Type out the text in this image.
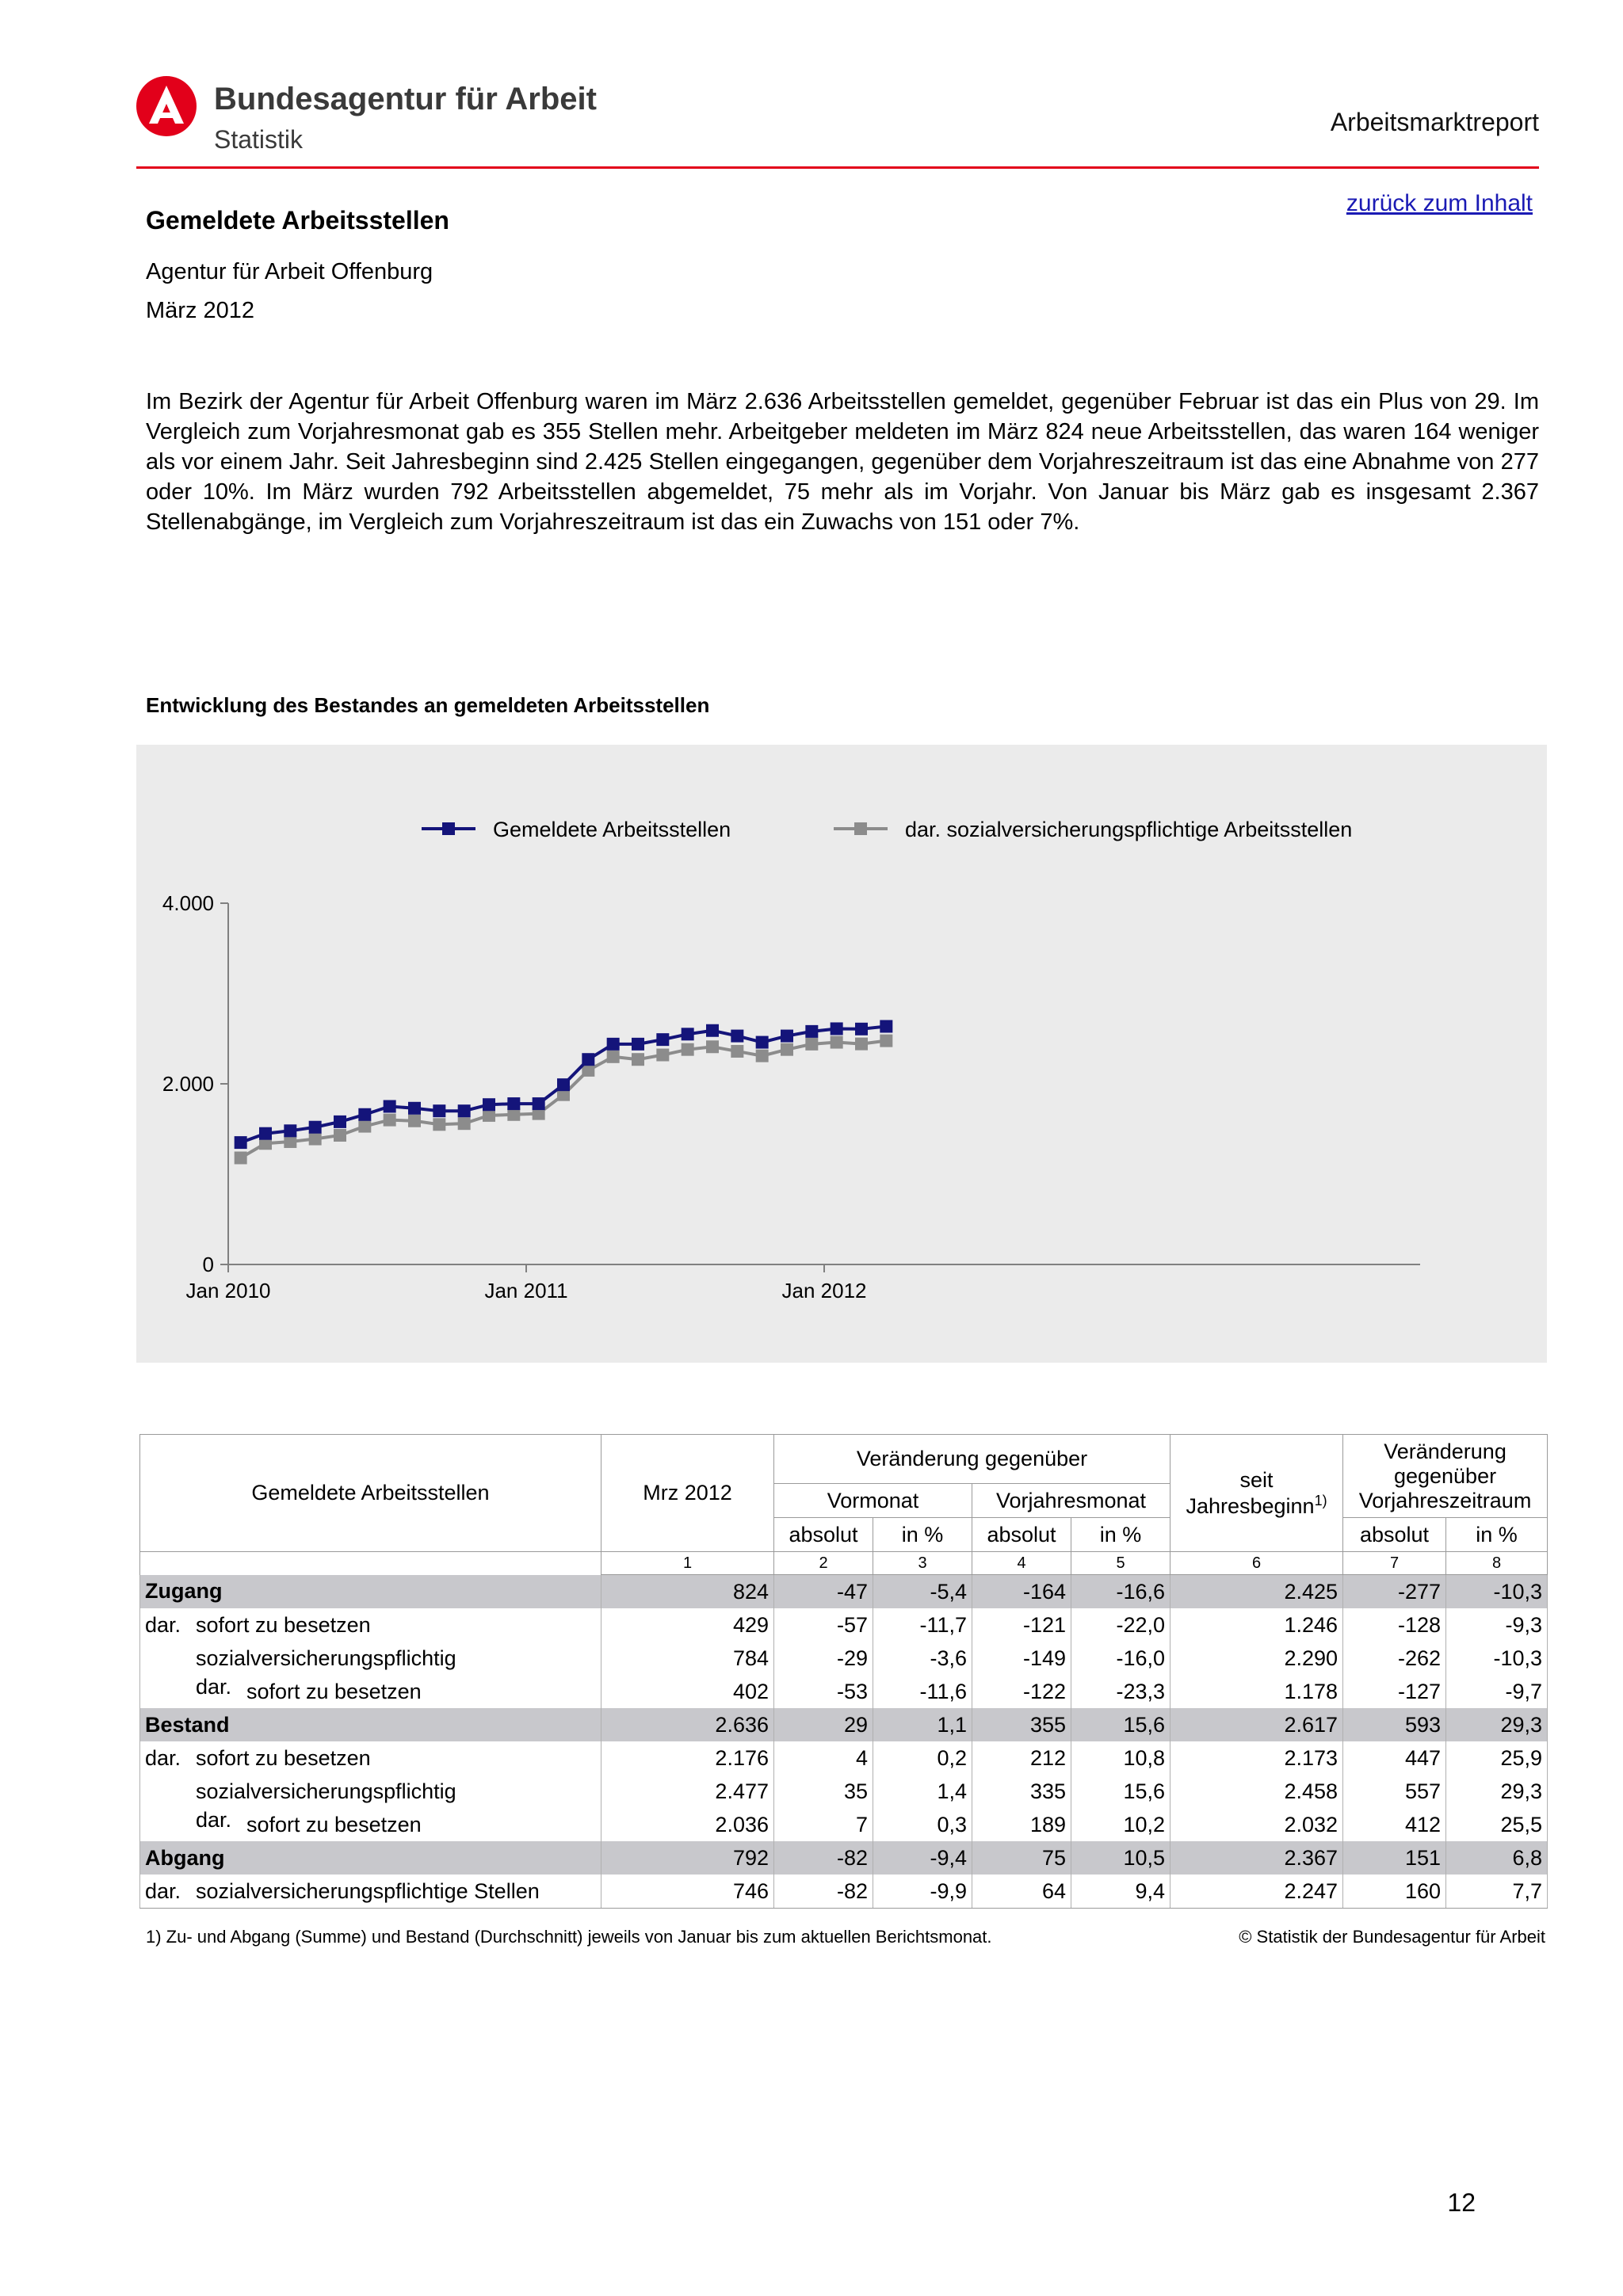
Bundesagentur für Arbeit
Statistik
Arbeitsmarktreport
zurück zum Inhalt
Gemeldete Arbeitsstellen
Agentur für Arbeit Offenburg
März 2012
Im Bezirk der Agentur für Arbeit Offenburg waren im März 2.636 Arbeitsstellen gemeldet, gegenüber Februar ist das ein Plus von 29. Im Vergleich zum Vorjahresmonat gab es 355 Stellen mehr. Arbeitgeber meldeten im März 824 neue Arbeitsstellen, das waren 164 weniger als vor einem Jahr. Seit Jahresbeginn sind 2.425 Stellen eingegangen, gegenüber dem Vorjahreszeitraum ist das eine Abnahme von 277 oder 10%. Im März wurden 792 Arbeitsstellen abgemeldet, 75 mehr als im Vorjahr. Von Januar bis März gab es insgesamt 2.367 Stellenabgänge, im Vergleich zum Vorjahreszeitraum ist das ein Zuwachs von 151 oder 7%.
Entwicklung des Bestandes an gemeldeten Arbeitsstellen
0
2.000
4.000
Jan 2010	Jan 2011	Jan 2012
Gemeldete Arbeitsstellen	dar. sozialversicherungspflichtige Arbeitsstellen
Gemeldete Arbeitsstellen	Mrz 2012	Veränderung gegenüber				seit
Jahresbeginn$^{1)}$	Veränderung gegenüber Vorjahreszeitraum	
		Vormonat		Vorjahresmonat				
		absolut	in %	absolut	in %		absolut	in %
	1	2	3	4	5	6	7	8
Zugang	824	-47	-5,4	-164	-16,6	2.425	-277	-10,3
dar. sofort zu besetzen	429	-57	-11,7	-121	-22,0	1.246	-128	-9,3
sozialversicherungspflichtig	784	-29	-3,6	-149	-16,0	2.290	-262	-10,3
dar. sofort zu besetzen	402	-53	-11,6	-122	-23,3	1.178	-127	-9,7
Bestand	2.636	29	1,1	355	15,6	2.617	593	29,3
dar. sofort zu besetzen	2.176	4	0,2	212	10,8	2.173	447	25,9
sozialversicherungspflichtig	2.477	35	1,4	335	15,6	2.458	557	29,3
dar. sofort zu besetzen	2.036	7	0,3	189	10,2	2.032	412	25,5
Abgang	792	-82	-9,4	75	10,5	2.367	151	6,8
dar. sozialversicherungspflichtige Stellen	746	-82	-9,9	64	9,4	2.247	160	7,7
1) Zu- und Abgang (Summe) und Bestand (Durchschnitt) jeweils von Januar bis zum aktuellen Berichtsmonat.	© Statistik der Bundesagentur für Arbeit
12
